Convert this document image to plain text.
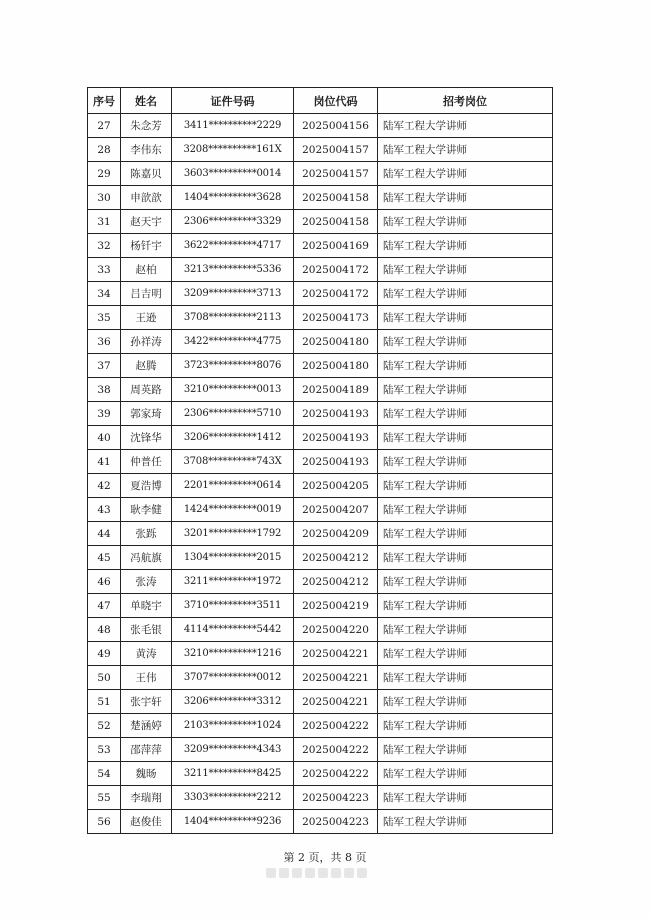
序号	姓名	证件号码	岗位代码	招考岗位
27	朱念芳	3411**********2229	2025004156	陆军工程大学讲师
28	李伟东	3208**********161X	2025004157	陆军工程大学讲师
29	陈嘉贝	3603**********0014	2025004157	陆军工程大学讲师
30	申歆歆	1404**********3628	2025004158	陆军工程大学讲师
31	赵天宇	2306**********3329	2025004158	陆军工程大学讲师
32	杨钎宇	3622**********4717	2025004169	陆军工程大学讲师
33	赵柏	3213**********5336	2025004172	陆军工程大学讲师
34	吕吉明	3209**********3713	2025004172	陆军工程大学讲师
35	王逊	3708**********2113	2025004173	陆军工程大学讲师
36	孙祥涛	3422**********4775	2025004180	陆军工程大学讲师
37	赵腾	3723**********8076	2025004180	陆军工程大学讲师
38	周英路	3210**********0013	2025004189	陆军工程大学讲师
39	郭家琦	2306**********5710	2025004193	陆军工程大学讲师
40	沈锋华	3206**********1412	2025004193	陆军工程大学讲师
41	仲普任	3708**********743X	2025004193	陆军工程大学讲师
42	夏浩博	2201**********0614	2025004205	陆军工程大学讲师
43	耿李健	1424**********0019	2025004207	陆军工程大学讲师
44	张跞	3201**********1792	2025004209	陆军工程大学讲师
45	冯航旗	1304**********2015	2025004212	陆军工程大学讲师
46	张涛	3211**********1972	2025004212	陆军工程大学讲师
47	单晓宇	3710**********3511	2025004219	陆军工程大学讲师
48	张毛银	4114**********5442	2025004220	陆军工程大学讲师
49	黄涛	3210**********1216	2025004221	陆军工程大学讲师
50	王伟	3707**********0012	2025004221	陆军工程大学讲师
51	张宇轩	3206**********3312	2025004221	陆军工程大学讲师
52	楚涵婷	2103**********1024	2025004222	陆军工程大学讲师
53	邵萍萍	3209**********4343	2025004222	陆军工程大学讲师
54	魏旸	3211**********8425	2025004222	陆军工程大学讲师
55	李瑞翔	3303**********2212	2025004223	陆军工程大学讲师
56	赵俊佳	1404**********9236	2025004223	陆军工程大学讲师
第 2 页，共 8 页
